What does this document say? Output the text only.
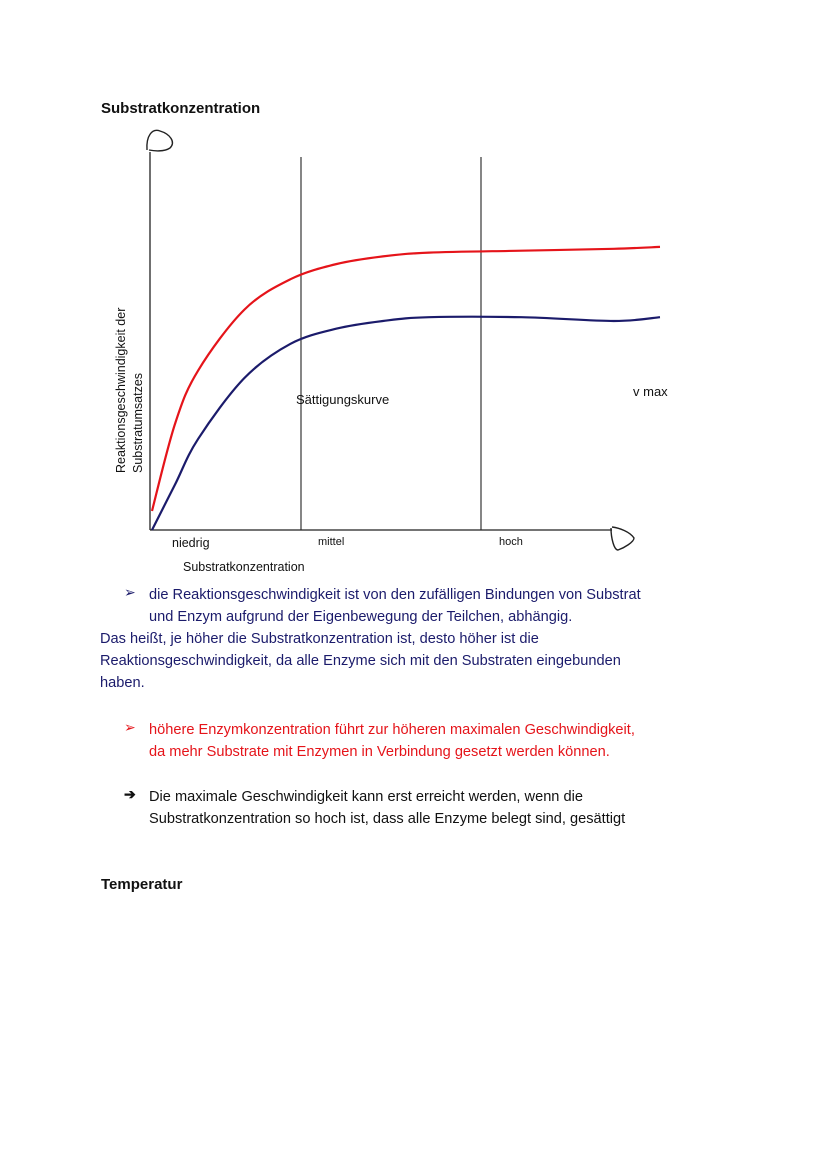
Substratkonzentration
Reaktionsgeschwindigkeit der Substratumsatzes
niedrig	mittel	hoch
Substratkonzentration
Sättigungskurve
v max
➢ die Reaktionsgeschwindigkeit ist von den zufälligen Bindungen von Substrat
und Enzym aufgrund der Eigenbewegung der Teilchen, abhängig.
Das heißt, je höher die Substratkonzentration ist, desto höher ist die
Reaktionsgeschwindigkeit, da alle Enzyme sich mit den Substraten eingebunden
haben.
➢ höhere Enzymkonzentration führt zur höheren maximalen Geschwindigkeit,
da mehr Substrate mit Enzymen in Verbindung gesetzt werden können.
➔ Die maximale Geschwindigkeit kann erst erreicht werden, wenn die
Substratkonzentration so hoch ist, dass alle Enzyme belegt sind, gesättigt
Temperatur
